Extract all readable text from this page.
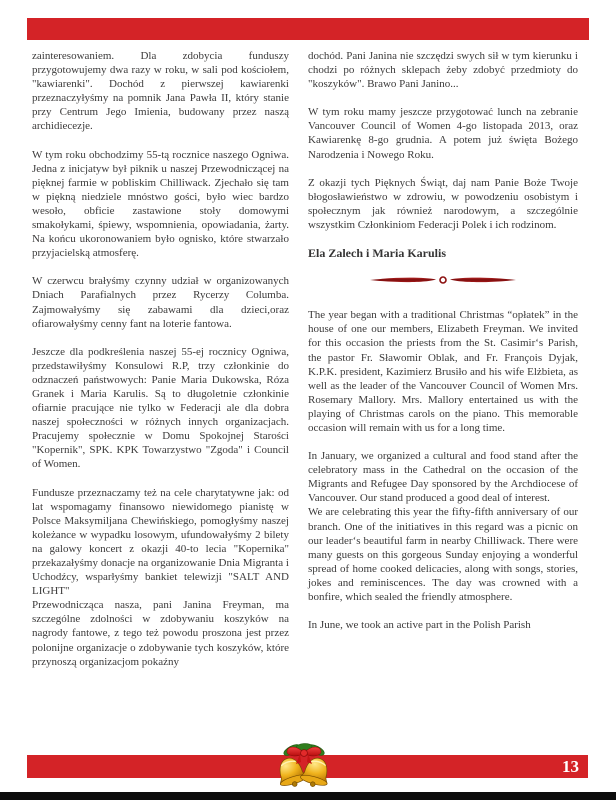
zainteresowaniem. Dla zdobycia funduszy przygotowujemy dwa razy w roku, w sali pod kościołem, "kawiarenki". Dochód z pierwszej kawiarenki przeznaczyłyśmy na pomnik Jana Pawła II, który stanie przy Centrum Jego Imienia, budowany przez naszą archidiecezje.

W tym roku obchodzimy 55-tą rocznice naszego Ogniwa. Jedna z inicjatyw był piknik u naszej Przewodniczącej na pięknej farmie w pobliskim Chilliwack. Zjechało się tam w piękną niedziele mnóstwo gości, było wiec bardzo wesoło, obficie zastawione stoły domowymi smakołykami, śpiewy, wspomnienia, opowiadania, żarty. Na końcu ukoronowaniem było ognisko, które stwarzało przyjacielską atmosferę.

W czerwcu brałyśmy czynny udział w organizowanych Dniach Parafialnych przez Rycerzy Columba. Zajmowałyśmy się zabawami dla dzieci,oraz ofiarowałyśmy cenny fant na loterie fantowa.

Jeszcze dla podkreślenia naszej 55-ej rocznicy Ogniwa, przedstawiłyśmy Konsulowi R.P, trzy członkinie do odznaczeń państwowych: Panie Maria Dukowska, Róza Granek i Maria Karulis. Są to długoletnie członkinie ofiarnie pracujące nie tylko w Federacji ale dla dobra naszej społeczności w różnych innych organizacjach. Pracujemy społecznie w Domu Spokojnej Starości "Kopernik", SPK. KPK Towarzystwo "Zgoda" i Council of Women.

Fundusze przeznaczamy też na cele charytatywne jak: od lat wspomagamy finansowo niewidomego pianistę w Polsce Maksymiljana Chewińskiego, pomogłyśmy naszej koleżance w wypadku losowym, ufundowałyśmy 2 bilety na galowy koncert z okazji 40-to lecia "Kopernika" przekazałyśmy donacje na organizowanie Dnia Migranta i Uchodźcy, wsparłyśmy bankiet telewizji "SALT AND LIGHT"

Przewodnicząca nasza, pani Janina Freyman, ma szczególne zdolności w zdobywaniu koszyków na nagrody fantowe, z tego też powodu proszona jest przez polonijne organizacje o zdobywanie tych koszyków, które przynoszą organizacjom pokaźny

dochód. Pani Janina nie szczędzi swych sił w tym kierunku i chodzi po różnych sklepach żeby zdobyć przedmioty do "koszyków". Brawo Pani Janino...

W tym roku mamy jeszcze przygotować lunch na zebranie Vancouver Council of Women 4-go listopada 2013, oraz Kawiarenkę 8-go grudnia. A potem już święta Bożego Narodzenia i Nowego Roku.

Z okazji tych Pięknych Świąt, daj nam Panie Boże Twoje błogosławieństwo w zdrowiu, w powodzeniu osobistym i społecznym jak również narodowym, a szczególnie wszystkim Członkiniom Federacji Polek i ich rodzinom.

Ela Zalech i Maria Karulis

The year began with a traditional Christmas “opłatek” in the house of one our members, Elizabeth Freyman. We invited for this occasion the priests from the St. Casimir‘s Parish, the pastor Fr. Sławomir Oblak, and Fr. François Dyjak, K.P.K. president, Kazimierz Brusiło and his wife Elżbieta, as well as the leader of the Vancouver Council of Women Mrs. Rosemary Mallory. Mrs. Mallory entertained us with the playing of Christmas carols on the piano. This memorable occasion will remain with us for a long time.

In January, we organized a cultural and food stand after the celebratory mass in the Cathedral on the occasion of the Migrants and Refugee Day sponsored by the Archdiocese of Vancouver. Our stand produced a good deal of interest.

We are celebrating this year the fifty-fifth anniversary of our branch. One of the initiatives in this regard was a picnic on our leader‘s beautiful farm in nearby Chilliwack. There were many guests on this gorgeous Sunday enjoying a wonderful spread of home cooked delicacies, along with songs, stories, jokes and reminiscences. The day was crowned with a bonfire, which sealed the friendly atmosphere.

In June, we took an active part in the Polish Parish

13
